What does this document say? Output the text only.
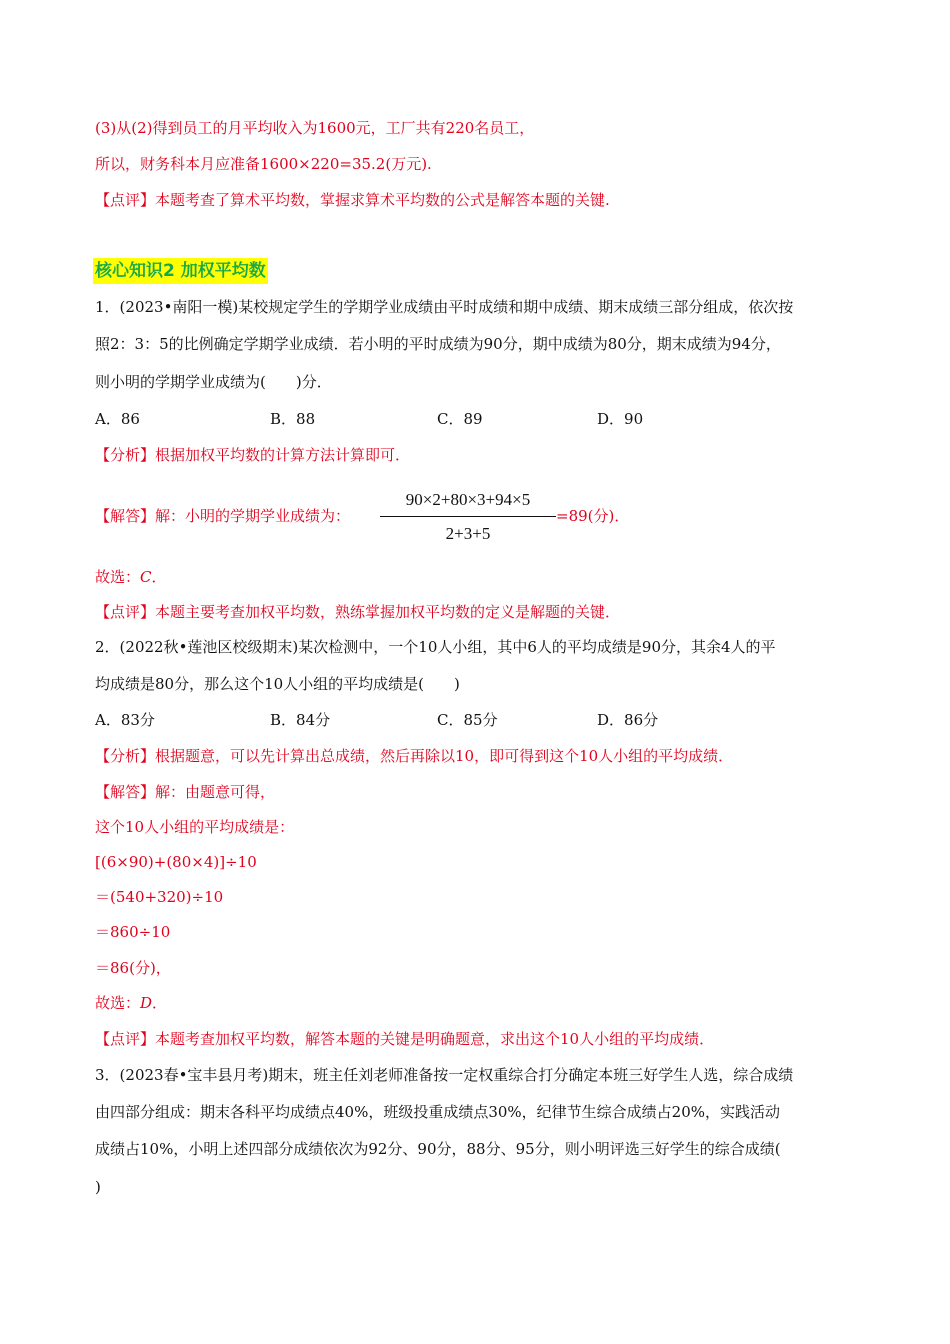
(3)从(2)得到员工的月平均收入为1600元，工厂共有220名员工，
所以，财务科本月应准备1600×220=35.2(万元).
【点评】本题考查了算术平均数，掌握求算术平均数的公式是解答本题的关键.
核心知识2 加权平均数
1．(2023•南阳一模)某校规定学生的学期学业成绩由平时成绩和期中成绩、期末成绩三部分组成，依次按
照2：3：5的比例确定学期学业成绩．若小明的平时成绩为90分，期中成绩为80分，期末成绩为94分，
则小明的学期学业成绩为(　　)分．
A．86	B．88	C．89	D．90
【分析】根据加权平均数的计算方法计算即可．
【解答】解：小明的学期学业成绩为：
90×2+80×3+94×5
2+3+5
=89(分)．
故选：C．
【点评】本题主要考查加权平均数，熟练掌握加权平均数的定义是解题的关键．
2．(2022秋•莲池区校级期末)某次检测中，一个10人小组，其中6人的平均成绩是90分，其余4人的平
均成绩是80分，那么这个10人小组的平均成绩是(　　)
A．83分	B．84分	C．85分	D．86分
【分析】根据题意，可以先计算出总成绩，然后再除以10，即可得到这个10人小组的平均成绩．
【解答】解：由题意可得，
这个10人小组的平均成绩是：
[(6×90)+(80×4)]÷10
＝(540+320)÷10
＝860÷10
＝86(分)，
故选：D．
【点评】本题考查加权平均数，解答本题的关键是明确题意，求出这个10人小组的平均成绩．
3．(2023春•宝丰县月考)期末，班主任刘老师准备按一定权重综合打分确定本班三好学生人选，综合成绩
由四部分组成：期末各科平均成绩点40%，班级投重成绩点30%，纪律节生综合成绩占20%，实践活动
成绩占10%，小明上述四部分成绩依次为92分、90分，88分、95分，则小明评选三好学生的综合成绩(
)
